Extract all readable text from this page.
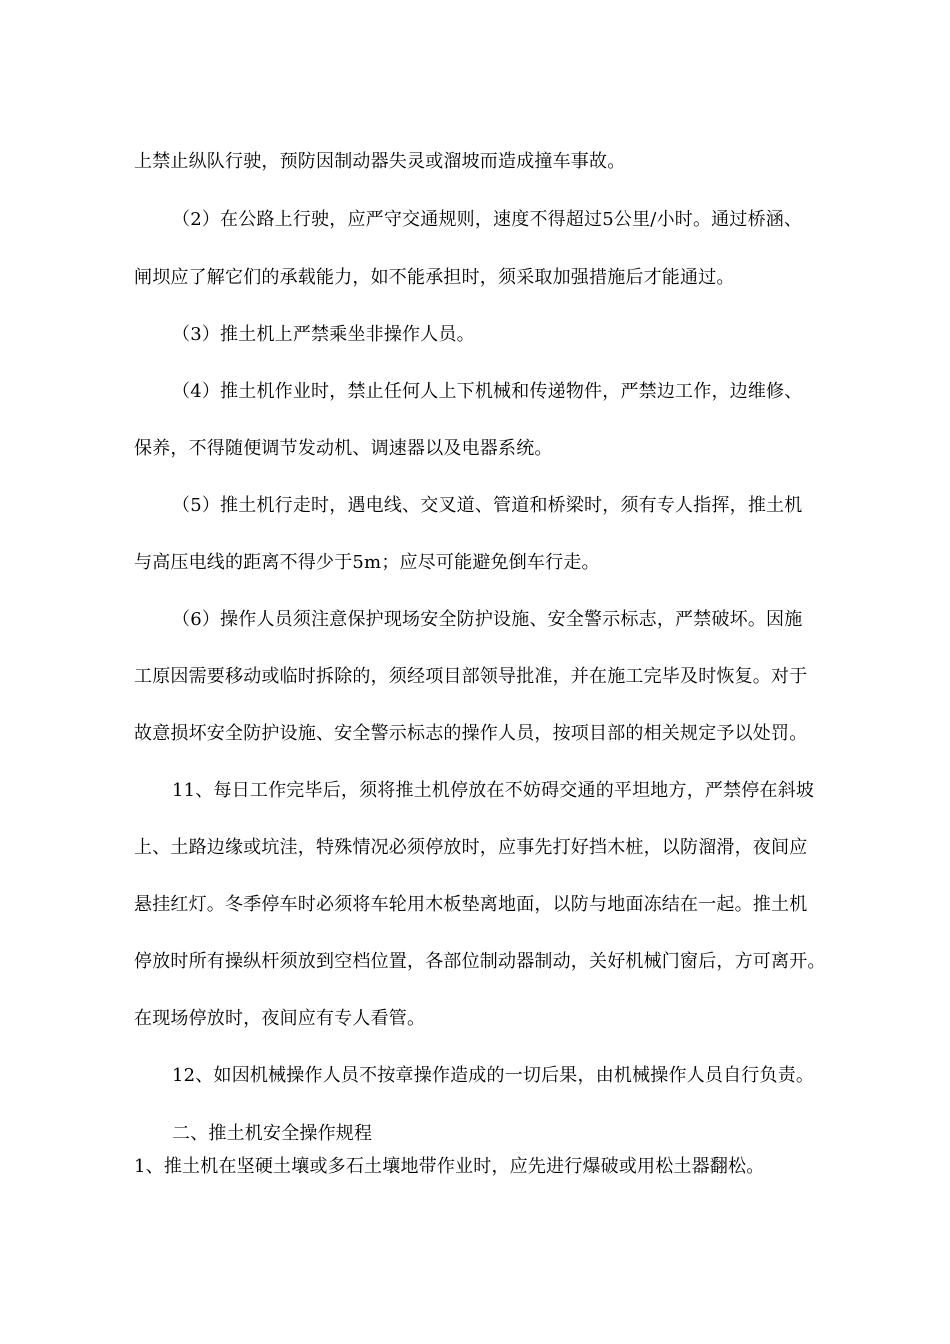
上禁止纵队行驶，预防因制动器失灵或溜坡而造成撞车事故。
（2）在公路上行驶，应严守交通规则，速度不得超过5公里/小时。通过桥涵、
闸坝应了解它们的承载能力，如不能承担时，须采取加强措施后才能通过。
（3）推土机上严禁乘坐非操作人员。
（4）推土机作业时，禁止任何人上下机械和传递物件，严禁边工作，边维修、
保养，不得随便调节发动机、调速器以及电器系统。
（5）推土机行走时，遇电线、交叉道、管道和桥梁时，须有专人指挥，推土机
与高压电线的距离不得少于5m；应尽可能避免倒车行走。
（6）操作人员须注意保护现场安全防护设施、安全警示标志，严禁破坏。因施
工原因需要移动或临时拆除的，须经项目部领导批准，并在施工完毕及时恢复。对于
故意损坏安全防护设施、安全警示标志的操作人员，按项目部的相关规定予以处罚。
11、每日工作完毕后，须将推土机停放在不妨碍交通的平坦地方，严禁停在斜坡
上、土路边缘或坑洼，特殊情况必须停放时，应事先打好挡木桩，以防溜滑，夜间应
悬挂红灯。冬季停车时必须将车轮用木板垫离地面，以防与地面冻结在一起。推土机
停放时所有操纵杆须放到空档位置，各部位制动器制动，关好机械门窗后，方可离开。
在现场停放时，夜间应有专人看管。
12、如因机械操作人员不按章操作造成的一切后果，由机械操作人员自行负责。
二、推土机安全操作规程
1、推土机在坚硬土壤或多石土壤地带作业时，应先进行爆破或用松土器翻松。
